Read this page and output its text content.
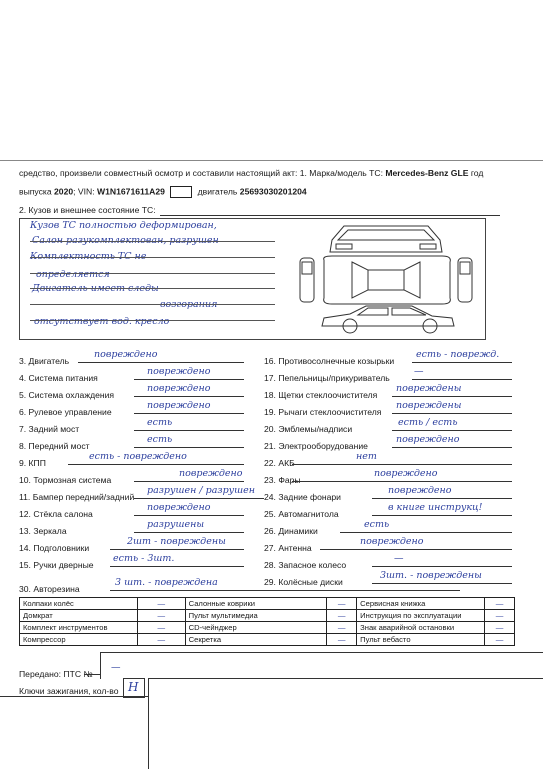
средство, произвели совместный осмотр и составили настоящий акт: 1. Марка/модель ТС: Mercedes-Benz GLE год
выпуска 2020; VIN: W1N1671611A29	двигатель 25693030201204
2. Кузов и внешнее состояние ТС:
Кузов ТС полностью деформирован,
Салон разукомплектован, разрушен
Комплектность ТС не
определяется
Двигатель имеет следы
возгорания
отсутствует вод. кресло
3. Двигатель
повреждено
4. Система питания
повреждено
5. Система охлаждения
повреждено
6. Рулевое управление
повреждено
7. Задний мост
есть
8. Передний мост
есть
9. КПП
есть - повреждено
10. Тормозная система
повреждено
11. Бампер передний/задний
разрушен / разрушен
12. Стёкла салона
повреждено
13. Зеркала
разрушены
14. Подголовники
2шт - повреждены
15. Ручки дверные
есть - 3шт.
16. Противосолнечные козырьки
есть - поврежд.
17. Пепельницы/прикуриватель
—
18. Щетки стеклоочистителя
повреждены
19. Рычаги стеклоочистителя
повреждены
20. Эмблемы/надписи
есть / есть
21. Электрооборудование
повреждено
22. АКБ
нет
23. Фары
повреждено
24. Задние фонари
повреждено
25. Автомагнитола
в книге инструкц!
26. Динамики
есть
27. Антенна
повреждено
28. Запасное колесо
—
29. Колёсные диски
3шт. - повреждены
30. Авторезина
3 шт. - повреждена
Колпаки колёс	—	Салонные коврики	—	Сервисная книжка	—
Домкрат	—	Пульт мультимедиа	—	Инструкция по эксплуатации	—
Комплект инструментов	—	CD-чейнджер	—	Знак аварийной остановки	—
Компрессор	—	Секретка	—	Пульт вебасто	—
Передано: ПТС №
—
Ключи зажигания, кол-во Н
